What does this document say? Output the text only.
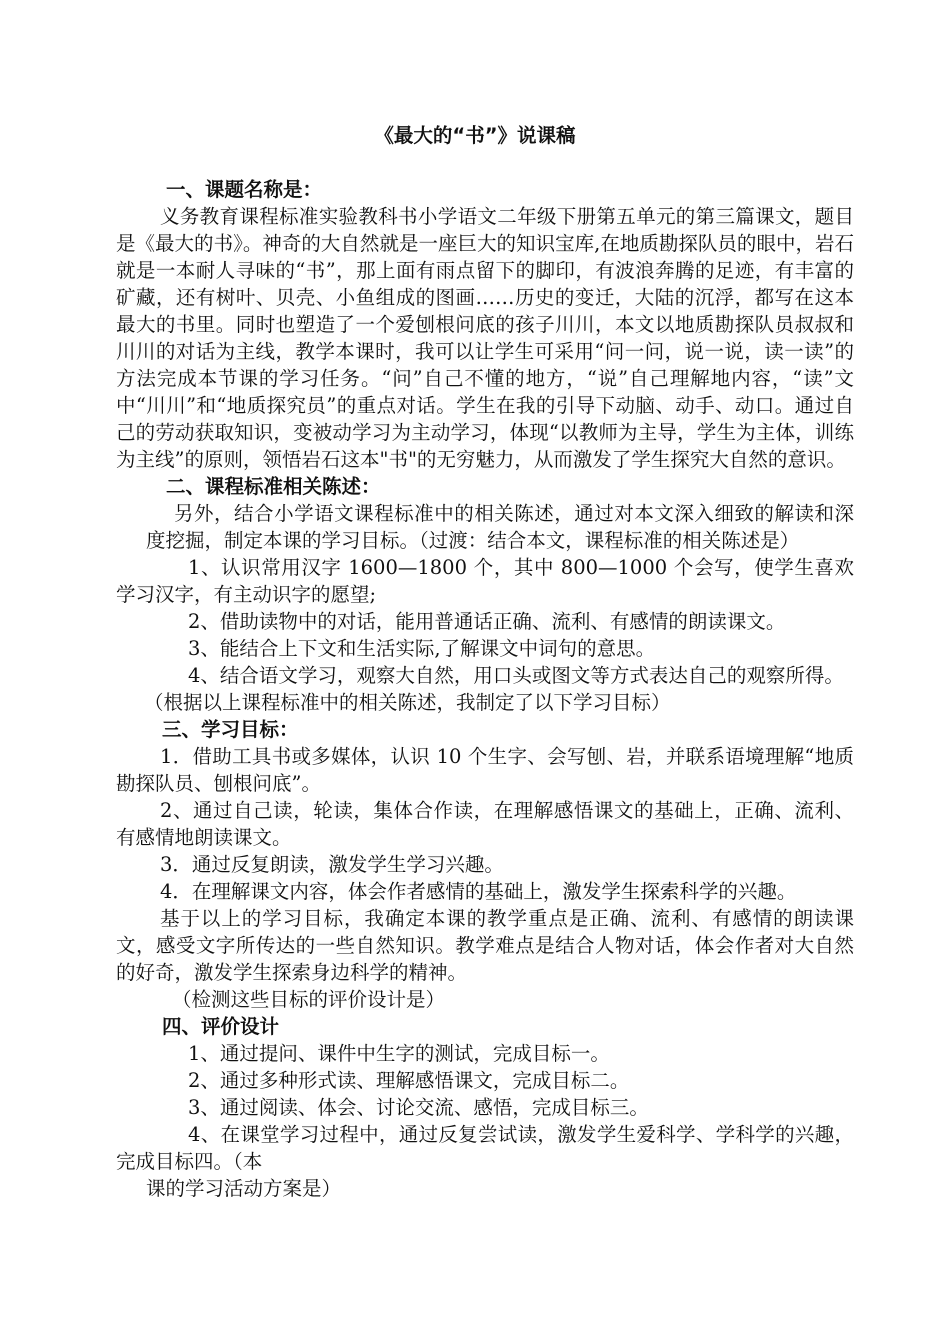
《最大的“书”》说课稿

一、课题名称是：

义务教育课程标准实验教科书小学语文二年级下册第五单元的第三篇课文，题目是《最大的书》。神奇的大自然就是一座巨大的知识宝库,在地质勘探队员的眼中，岩石就是一本耐人寻味的“书”，那上面有雨点留下的脚印，有波浪奔腾的足迹，有丰富的矿藏，还有树叶、贝壳、小鱼组成的图画……历史的变迁，大陆的沉浮，都写在这本最大的书里。同时也塑造了一个爱刨根问底的孩子川川，本文以地质勘探队员叔叔和川川的对话为主线，教学本课时，我可以让学生可采用“问一问，说一说，读一读”的方法完成本节课的学习任务。“问”自己不懂的地方，“说”自己理解地内容，“读”文中“川川”和“地质探究员”的重点对话。学生在我的引导下动脑、动手、动口。通过自己的劳动获取知识，变被动学习为主动学习，体现“以教师为主导，学生为主体，训练为主线”的原则，领悟岩石这本"书"的无穷魅力，从而激发了学生探究大自然的意识。

二、课程标准相关陈述：

另外，结合小学语文课程标准中的相关陈述，通过对本文深入细致的解读和深度挖掘，制定本课的学习目标。（过渡：结合本文，课程标准的相关陈述是）

1、认识常用汉字 1600—1800 个，其中 800—1000 个会写，使学生喜欢学习汉字，有主动识字的愿望;

2、借助读物中的对话，能用普通话正确、流利、有感情的朗读课文。

3、能结合上下文和生活实际,了解课文中词句的意思。

4、结合语文学习，观察大自然，用口头或图文等方式表达自己的观察所得。

（根据以上课程标准中的相关陈述，我制定了以下学习目标）

三、学习目标：

1．借助工具书或多媒体，认识 10 个生字、会写刨、岩，并联系语境理解“地质勘探队员、刨根问底”。

2、通过自己读，轮读，集体合作读，在理解感悟课文的基础上，正确、流利、有感情地朗读课文。

3．通过反复朗读，激发学生学习兴趣。

4．在理解课文内容，体会作者感情的基础上，激发学生探索科学的兴趣。

基于以上的学习目标，我确定本课的教学重点是正确、流利、有感情的朗读课文，感受文字所传达的一些自然知识。教学难点是结合人物对话，体会作者对大自然的好奇，激发学生探索身边科学的精神。

（检测这些目标的评价设计是）

四、评价设计

1、通过提问、课件中生字的测试，完成目标一。

2、通过多种形式读、理解感悟课文，完成目标二。

3、通过阅读、体会、讨论交流、感悟，完成目标三。

4、在课堂学习过程中，通过反复尝试读，激发学生爱科学、学科学的兴趣，完成目标四。（本

课的学习活动方案是）
